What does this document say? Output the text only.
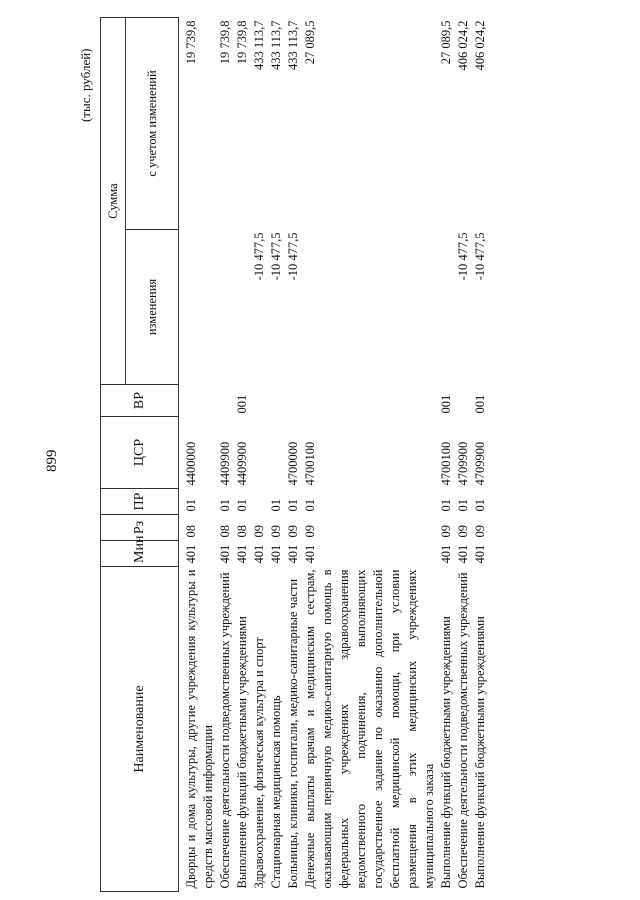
899
(тыс. рублей)
Наименование	Мин	Рз	ПР	ЦСР	ВР	Сумма	
						изменения	с учетом изменений

Дворцы и дома культуры, другие учреждения культуры и средств массовой информации	401	08	01	4400000			19 739,8
Обеспечение деятельности подведомственных учреждений	401	08	01	4409900			19 739,8
Выполнение функций бюджетными учреждениями	401	08	01	4409900	001		19 739,8
Здравоохранение, физическая культура и спорт	401	09				-10 477,5	433 113,7
Стационарная медицинская помощь	401	09	01			-10 477,5	433 113,7
Больницы, клиники, госпитали, медико-санитарные части	401	09	01	4700000		-10 477,5	433 113,7
Денежные выплаты врачам и медицинским сестрам, оказывающим первичную медико-санитарную помощь в федеральных учреждениях здравоохранения ведомственного подчинения, выполняющих государственное задание по оказанию дополнительной бесплатной медицинской помощи, при условии размещения в этих медицинских учреждениях муниципального заказа	401	09	01	4700100			27 089,5
Выполнение функций бюджетными учреждениями	401	09	01	4700100	001		27 089,5
Обеспечение деятельности подведомственных учреждений	401	09	01	4709900		-10 477,5	406 024,2
Выполнение функций бюджетными учреждениями	401	09	01	4709900	001	-10 477,5	406 024,2
